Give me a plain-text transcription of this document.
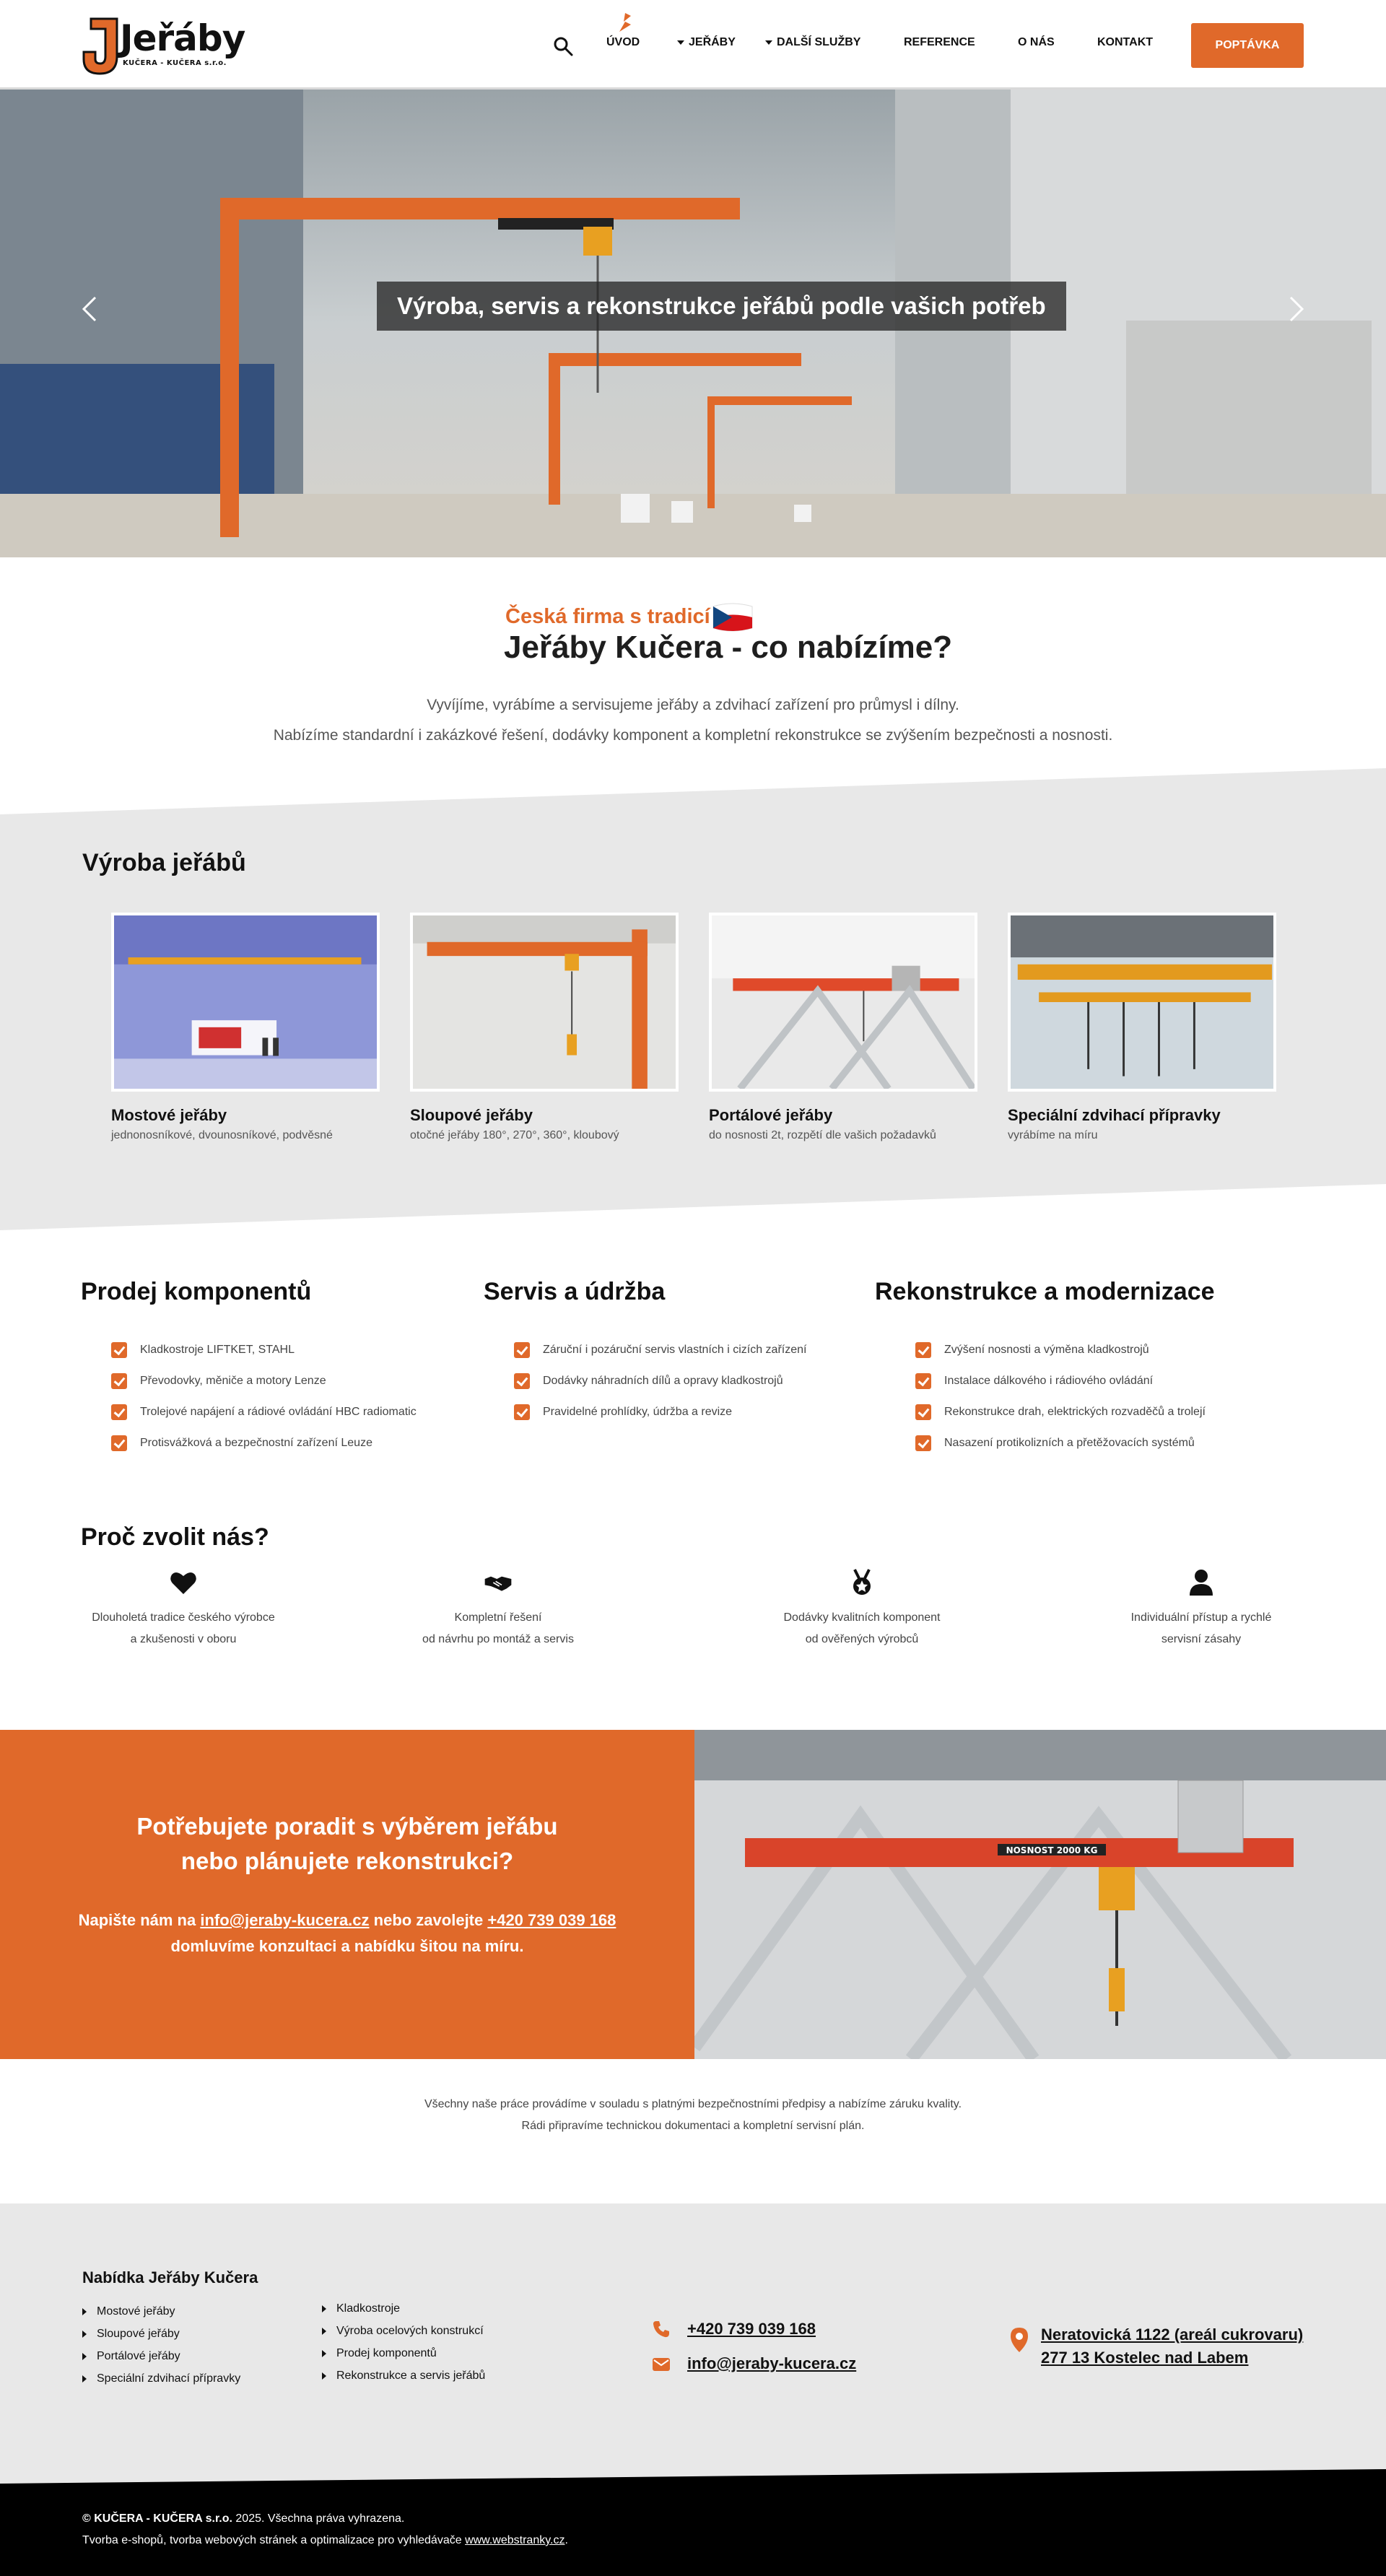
Jeřáby
KUČERA - KUČERA s.r.o.
ÚVOD	JEŘÁBY	DALŠÍ SLUŽBY	REFERENCE	O NÁS	KONTAKT	POPTÁVKA
Výroba, servis a rekonstrukce jeřábů podle vašich potřeb
Česká firma s tradicí
Jeřáby Kučera - co nabízíme?
Vyvíjíme, vyrábíme a servisujeme jeřáby a zdvihací zařízení pro průmysl i dílny.
Nabízíme standardní i zakázkové řešení, dodávky komponent a kompletní rekonstrukce se zvýšením bezpečnosti a nosnosti.
Výroba jeřábů
Mostové jeřáby
jednonosníkové, dvounosníkové, podvěsné
Sloupové jeřáby
otočné jeřáby 180°, 270°, 360°, kloubový
Portálové jeřáby
do nosnosti 2t, rozpětí dle vašich požadavků
Speciální zdvihací přípravky
vyrábíme na míru
Prodej komponentů
Kladkostroje LIFTKET, STAHL
Převodovky, měniče a motory Lenze
Trolejové napájení a rádiové ovládání HBC radiomatic
Protisvážková a bezpečnostní zařízení Leuze
Servis a údržba
Záruční i pozáruční servis vlastních i cizích zařízení
Dodávky náhradních dílů a opravy kladkostrojů
Pravidelné prohlídky, údržba a revize
Rekonstrukce a modernizace
Zvýšení nosnosti a výměna kladkostrojů
Instalace dálkového i rádiového ovládání
Rekonstrukce drah, elektrických rozvaděčů a trolejí
Nasazení protikolizních a přetěžovacích systémů
Proč zvolit nás?
Dlouholetá tradice českého výrobce
a zkušenosti v oboru
Kompletní řešení
od návrhu po montáž a servis
Dodávky kvalitních komponent
od ověřených výrobců
Individuální přístup a rychlé
servisní zásahy
Potřebujete poradit s výběrem jeřábu
nebo plánujete rekonstrukci?
Napište nám na info@jeraby-kucera.cz nebo zavolejte +420 739 039 168
domluvíme konzultaci a nabídku šitou na míru.
NOSNOST 2000 KG
Všechny naše práce provádíme v souladu s platnými bezpečnostními předpisy a nabízíme záruku kvality.
Rádi připravíme technickou dokumentaci a kompletní servisní plán.
Nabídka Jeřáby Kučera
Mostové jeřáby
Sloupové jeřáby
Portálové jeřáby
Speciální zdvihací přípravky
Kladkostroje
Výroba ocelových konstrukcí
Prodej komponentů
Rekonstrukce a servis jeřábů
+420 739 039 168
info@jeraby-kucera.cz
Neratovická 1122 (areál cukrovaru)
277 13 Kostelec nad Labem
© KUČERA - KUČERA s.r.o. 2025. Všechna práva vyhrazena.
Tvorba e-shopů, tvorba webových stránek a optimalizace pro vyhledávače www.webstranky.cz.
